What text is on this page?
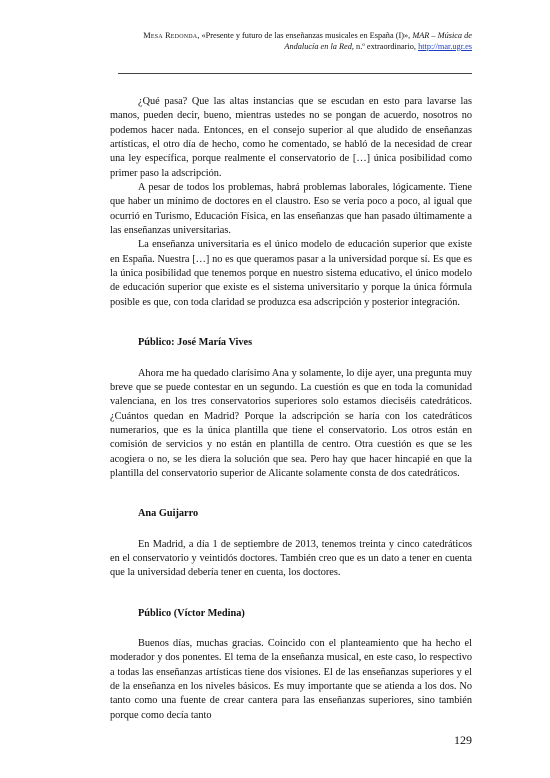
Mesa Redonda, «Presente y futuro de las enseñanzas musicales en España (I)», MAR – Música de Andalucía en la Red, n.º extraordinario, http://mar.ugr.es

¿Qué pasa? Que las altas instancias que se escudan en esto para lavarse las manos, pueden decir, bueno, mientras ustedes no se pongan de acuerdo, nosotros no podemos hacer nada. Entonces, en el consejo superior al que aludido de enseñanzas artísticas, el otro día de hecho, como he comentado, se habló de la necesidad de crear una ley específica, porque realmente el conservatorio de […] única posibilidad como primer paso la adscripción.

A pesar de todos los problemas, habrá problemas laborales, lógicamente. Tiene que haber un mínimo de doctores en el claustro. Eso se vería poco a poco, al igual que ocurrió en Turismo, Educación Física, en las enseñanzas que han pasado últimamente a las enseñanzas universitarias.

La enseñanza universitaria es el único modelo de educación superior que existe en España. Nuestra […] no es que queramos pasar a la universidad porque sí. Es que es la única posibilidad que tenemos porque en nuestro sistema educativo, el único modelo de educación superior que existe es el sistema universitario y porque la única fórmula posible es que, con toda claridad se produzca esa adscripción y posterior integración.

Público: José María Vives

Ahora me ha quedado clarísimo Ana y solamente, lo dije ayer, una pregunta muy breve que se puede contestar en un segundo. La cuestión es que en toda la comunidad valenciana, en los tres conservatorios superiores solo estamos dieciséis catedráticos. ¿Cuántos quedan en Madrid? Porque la adscripción se haría con los catedráticos numerarios, que es la única plantilla que tiene el conservatorio. Los otros están en comisión de servicios y no están en plantilla de centro. Otra cuestión es que se les acogiera o no, se les diera la solución que sea. Pero hay que hacer hincapié en que la plantilla del conservatorio superior de Alicante solamente consta de dos catedráticos.

Ana Guijarro

En Madrid, a día 1 de septiembre de 2013, tenemos treinta y cinco catedráticos en el conservatorio y veintidós doctores. También creo que es un dato a tener en cuenta que la universidad debería tener en cuenta, los doctores.

Público (Víctor Medina)

Buenos días, muchas gracias. Coincido con el planteamiento que ha hecho el moderador y dos ponentes. El tema de la enseñanza musical, en este caso, lo respectivo a todas las enseñanzas artísticas tiene dos visiones. El de las enseñanzas superiores y el de la enseñanza en los niveles básicos. Es muy importante que se atienda a los dos. No tanto como una fuente de crear cantera para las enseñanzas superiores, sino también porque como decía tanto

129
